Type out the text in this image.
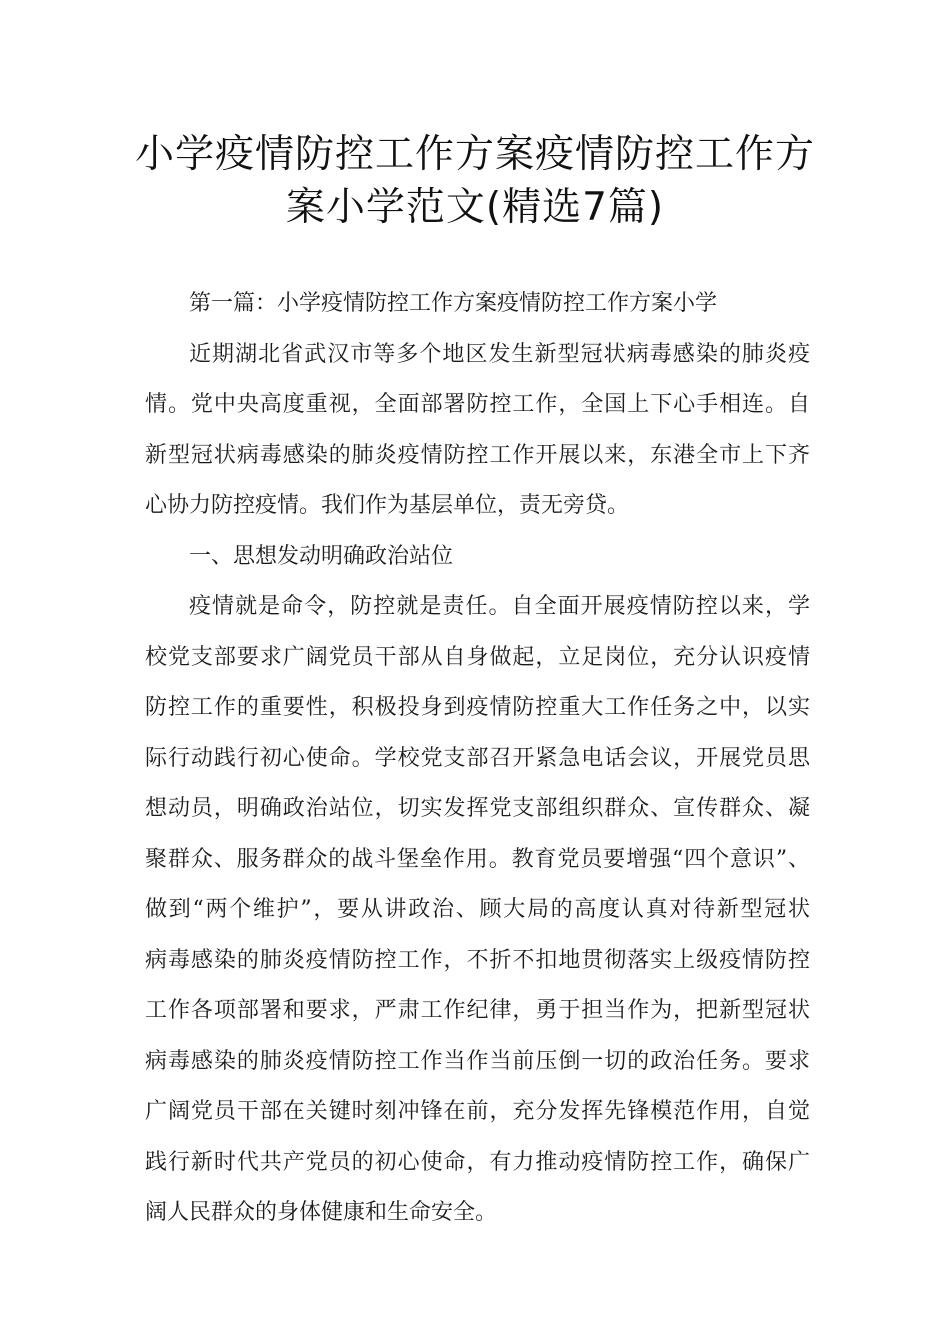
小学疫情防控工作方案疫情防控工作方
案小学范文(精选7篇)
第一篇：小学疫情防控工作方案疫情防控工作方案小学
近期湖北省武汉市等多个地区发生新型冠状病毒感染的肺炎疫
情。党中央高度重视，全面部署防控工作，全国上下心手相连。自
新型冠状病毒感染的肺炎疫情防控工作开展以来，东港全市上下齐
心协力防控疫情。我们作为基层单位，责无旁贷。
一、思想发动明确政治站位
疫情就是命令，防控就是责任。自全面开展疫情防控以来，学
校党支部要求广阔党员干部从自身做起，立足岗位，充分认识疫情
防控工作的重要性，积极投身到疫情防控重大工作任务之中，以实
际行动践行初心使命。学校党支部召开紧急电话会议，开展党员思
想动员，明确政治站位，切实发挥党支部组织群众、宣传群众、凝
聚群众、服务群众的战斗堡垒作用。教育党员要增强“四个意识”、
做到“两个维护”，要从讲政治、顾大局的高度认真对待新型冠状
病毒感染的肺炎疫情防控工作，不折不扣地贯彻落实上级疫情防控
工作各项部署和要求，严肃工作纪律，勇于担当作为，把新型冠状
病毒感染的肺炎疫情防控工作当作当前压倒一切的政治任务。要求
广阔党员干部在关键时刻冲锋在前，充分发挥先锋模范作用，自觉
践行新时代共产党员的初心使命，有力推动疫情防控工作，确保广
阔人民群众的身体健康和生命安全。
